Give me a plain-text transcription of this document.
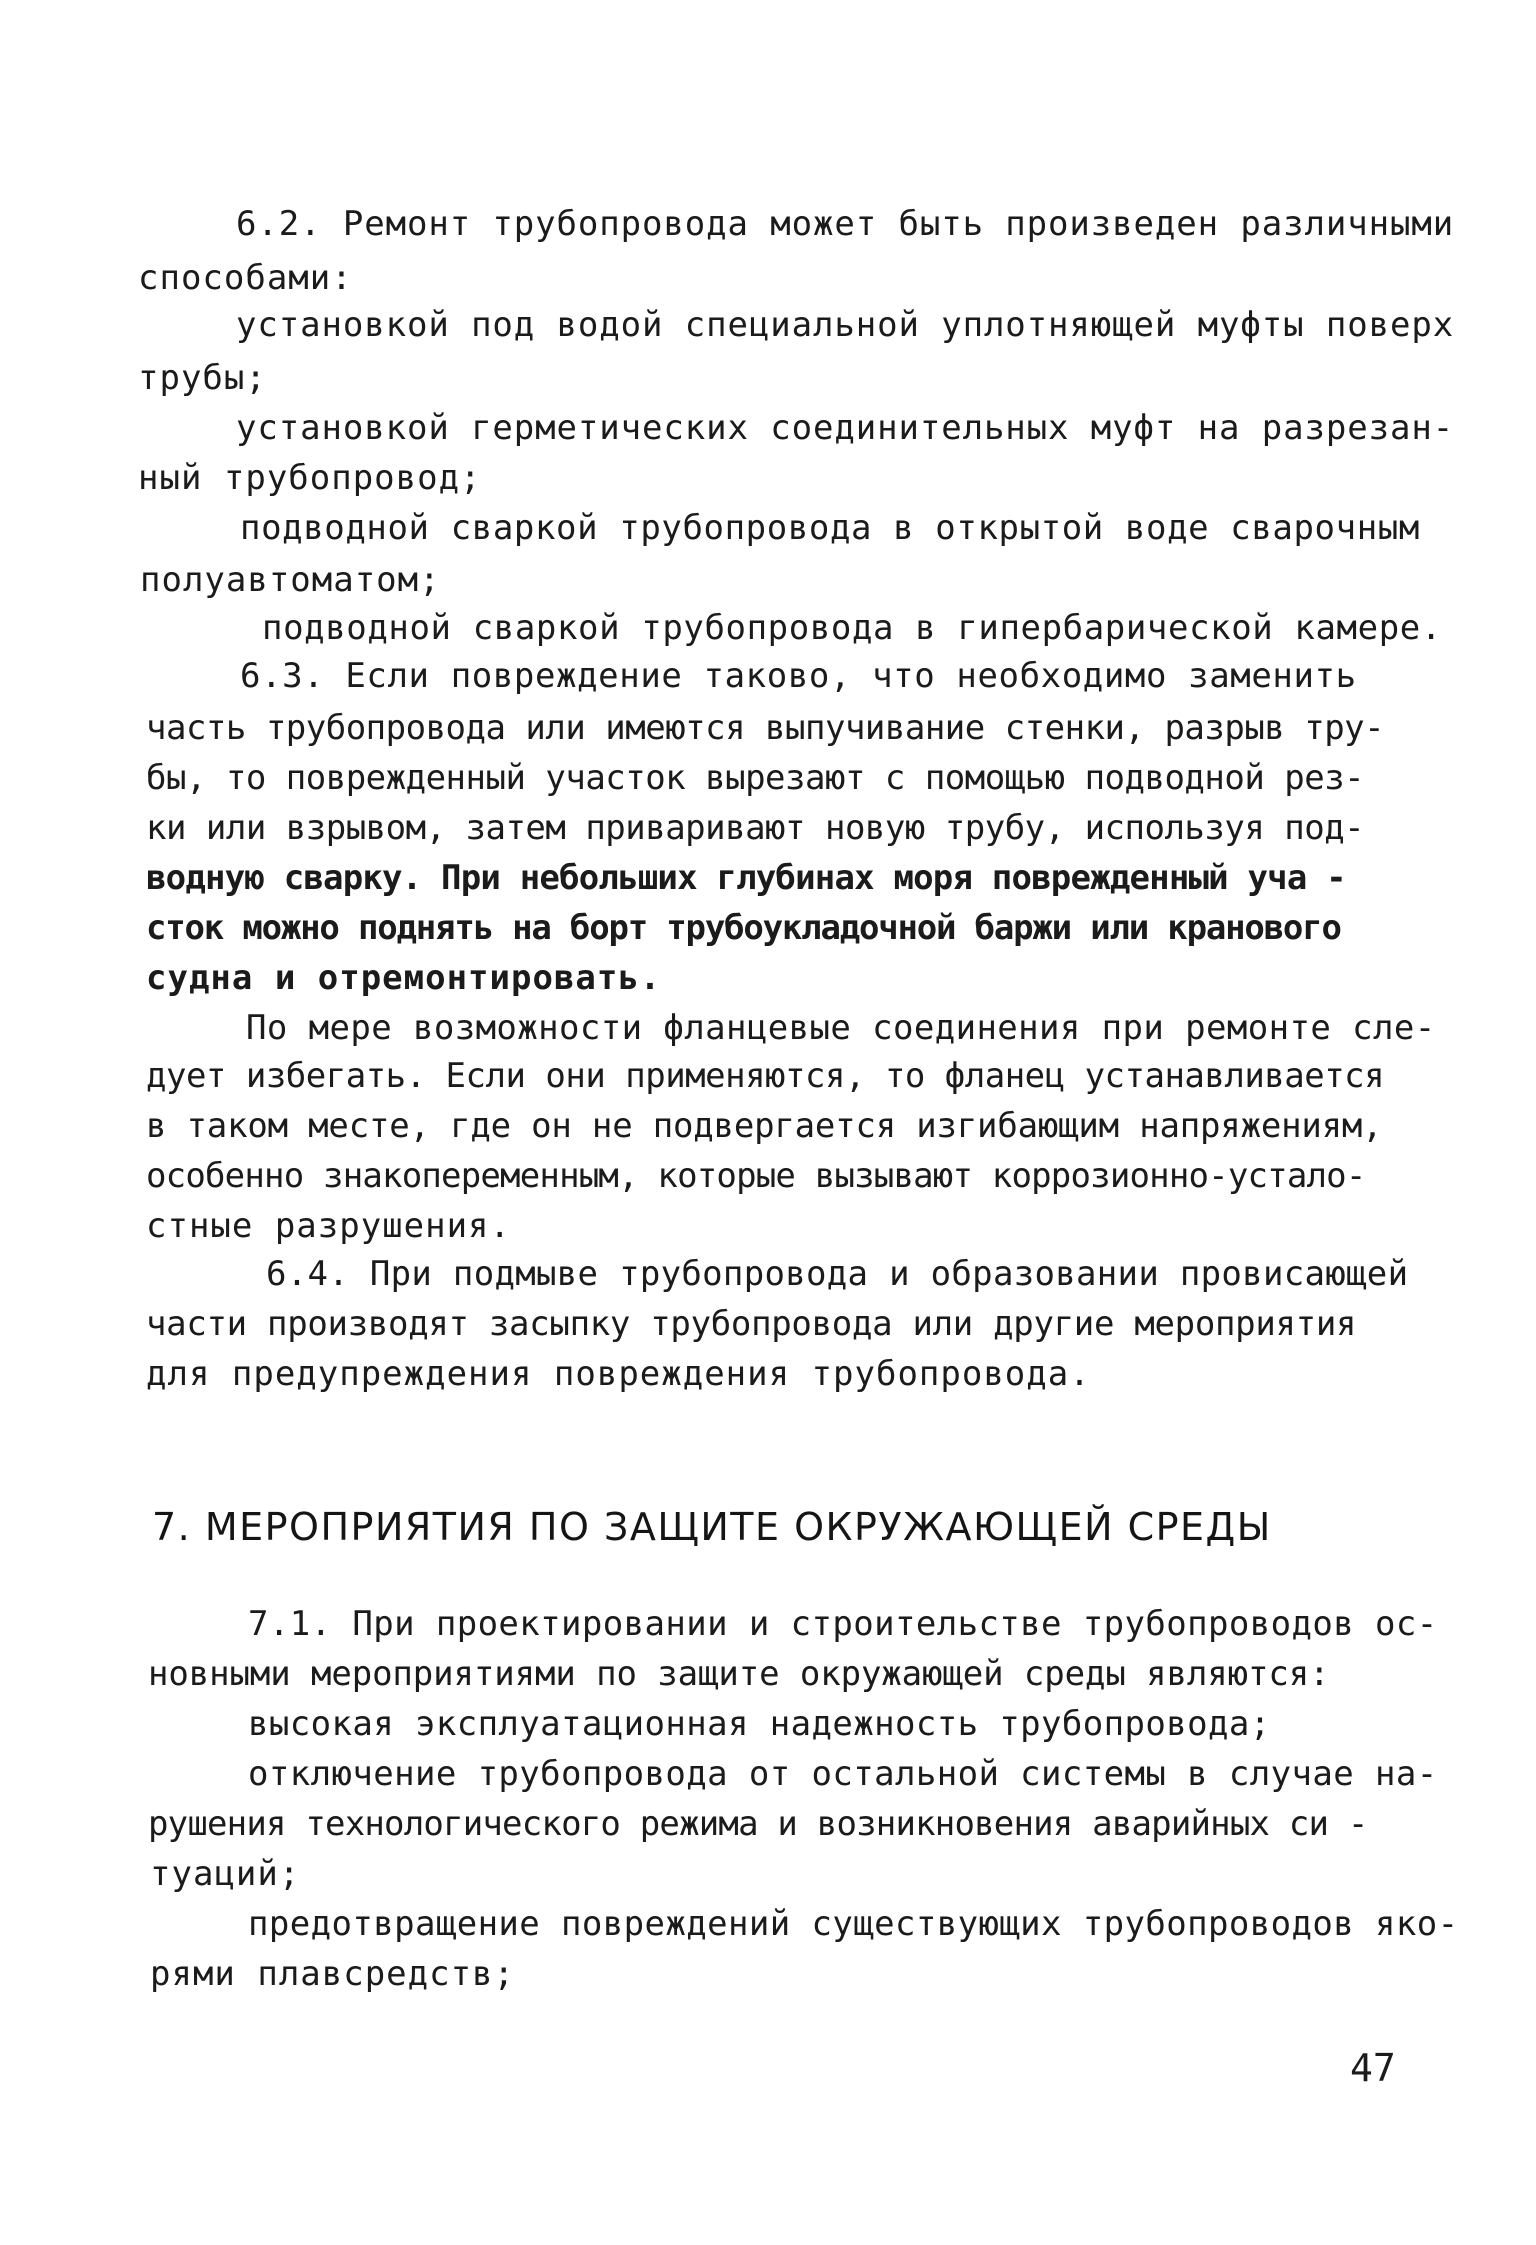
6.2. Ремонт трубопровода может быть произведен различными
способами:
установкой под водой специальной уплотняющей муфты поверх
трубы;
установкой герметических соединительных муфт на разрезан-
ный трубопровод;
подводной сваркой трубопровода в открытой воде сварочным
полуавтоматом;
подводной сваркой трубопровода в гипербарической камере.
6.3. Если повреждение таково, что необходимо заменить
часть трубопровода или имеются выпучивание стенки, разрыв тру-
бы, то поврежденный участок вырезают с помощью подводной рез-
ки или взрывом, затем приваривают новую трубу, используя под-
водную сварку. При небольших глубинах моря поврежденный уча -
сток можно поднять на борт трубоукладочной баржи или кранового
судна и отремонтировать.
По мере возможности фланцевые соединения при ремонте сле-
дует избегать. Если они применяются, то фланец устанавливается
в таком месте, где он не подвергается изгибающим напряжениям,
особенно знакопеременным, которые вызывают коррозионно-устало-
стные разрушения.
6.4. При подмыве трубопровода и образовании провисающей
части производят засыпку трубопровода или другие мероприятия
для предупреждения повреждения трубопровода.
7. МЕРОПРИЯТИЯ ПО ЗАЩИТЕ ОКРУЖАЮЩЕЙ СРЕДЫ
7.1. При проектировании и строительстве трубопроводов ос-
новными мероприятиями по защите окружающей среды являются:
высокая эксплуатационная надежность трубопровода;
отключение трубопровода от остальной системы в случае на-
рушения технологического режима и возникновения аварийных си -
туаций;
предотвращение повреждений существующих трубопроводов яко-
рями плавсредств;
47
